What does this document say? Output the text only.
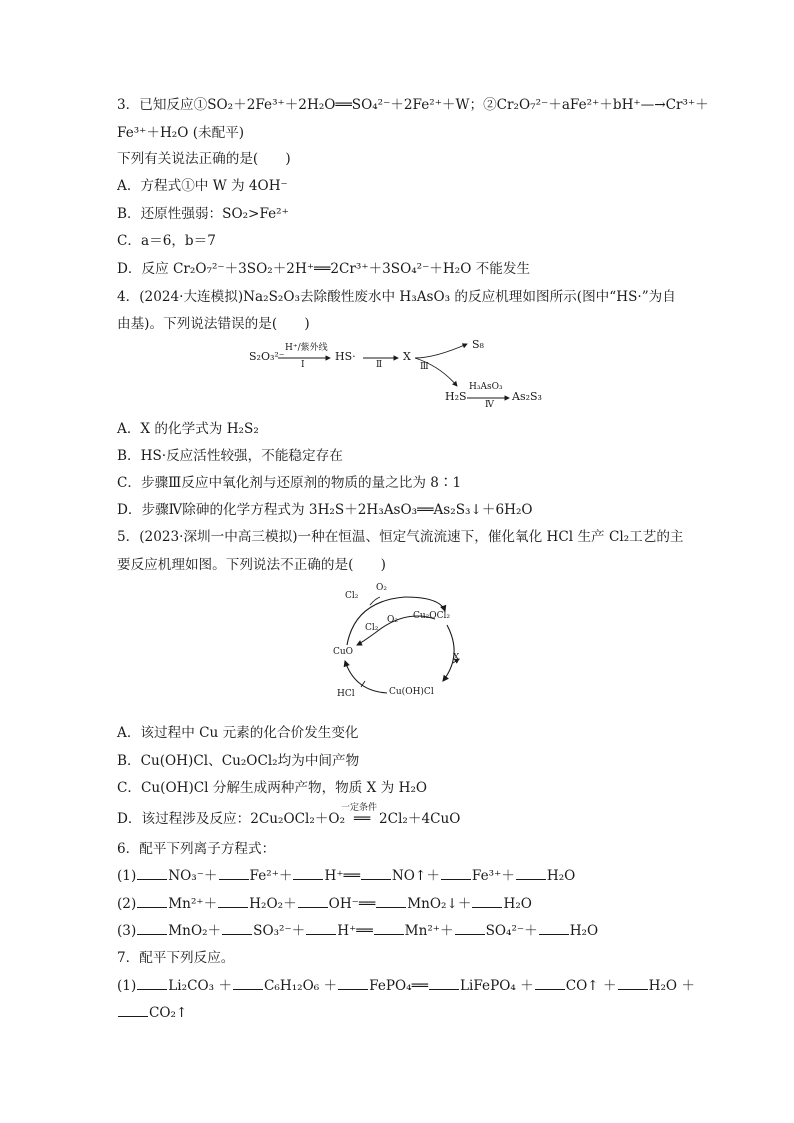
3．已知反应①SO₂＋2Fe³⁺＋2H₂O══SO₄²⁻＋2Fe²⁺＋W；②Cr₂O₇²⁻＋aFe²⁺＋bH⁺—→Cr³⁺＋
Fe³⁺＋H₂O (未配平)
下列有关说法正确的是(　　)
A．方程式①中 W 为 4OH⁻
B．还原性强弱：SO₂>Fe²⁺
C．a＝6，b＝7
D．反应 Cr₂O₇²⁻＋3SO₂＋2H⁺══2Cr³⁺＋3SO₄²⁻＋H₂O 不能发生
4．(2024·大连模拟)Na₂S₂O₃去除酸性废水中 H₃AsO₃ 的反应机理如图所示(图中“HS·”为自
由基)。下列说法错误的是(　　)
S₂O₃²⁻
H⁺/紫外线
Ⅰ
HS·
Ⅱ
X
Ⅲ
S₈
H₂S
H₃AsO₃
Ⅳ
As₂S₃
A．X 的化学式为 H₂S₂
B．HS·反应活性较强，不能稳定存在
C．步骤Ⅲ反应中氧化剂与还原剂的物质的量之比为 8∶1
D．步骤Ⅳ除砷的化学方程式为 3H₂S＋2H₃AsO₃══As₂S₃↓＋6H₂O
5．(2023·深圳一中高三模拟)一种在恒温、恒定气流流速下，催化氧化 HCl 生产 Cl₂工艺的主
要反应机理如图。下列说法不正确的是(　　)
Cl₂
O₂
Cl₂
O₂ Cu₂OCl₂
CuO
X
HCl	Cu(OH)Cl
A．该过程中 Cu 元素的化合价发生变化
B．Cu(OH)Cl、Cu₂OCl₂均为中间产物
C．Cu(OH)Cl 分解生成两种产物，物质 X 为 H₂O
D．该过程涉及反应：2Cu₂OCl₂＋O₂
一定条件
══ 2Cl₂＋4CuO
6．配平下列离子方程式：
(1) NO₃⁻＋ Fe²⁺＋ H⁺══ NO↑＋ Fe³⁺＋ H₂O
(2) Mn²⁺＋ H₂O₂＋ OH⁻══ MnO₂↓＋ H₂O
(3) MnO₂＋ SO₃²⁻＋ H⁺══ Mn²⁺＋ SO₄²⁻＋ H₂O
7．配平下列反应。
(1) Li₂CO₃ ＋ C₆H₁₂O₆ ＋ FePO₄══ LiFePO₄ ＋ CO↑ ＋ H₂O ＋
CO₂↑
